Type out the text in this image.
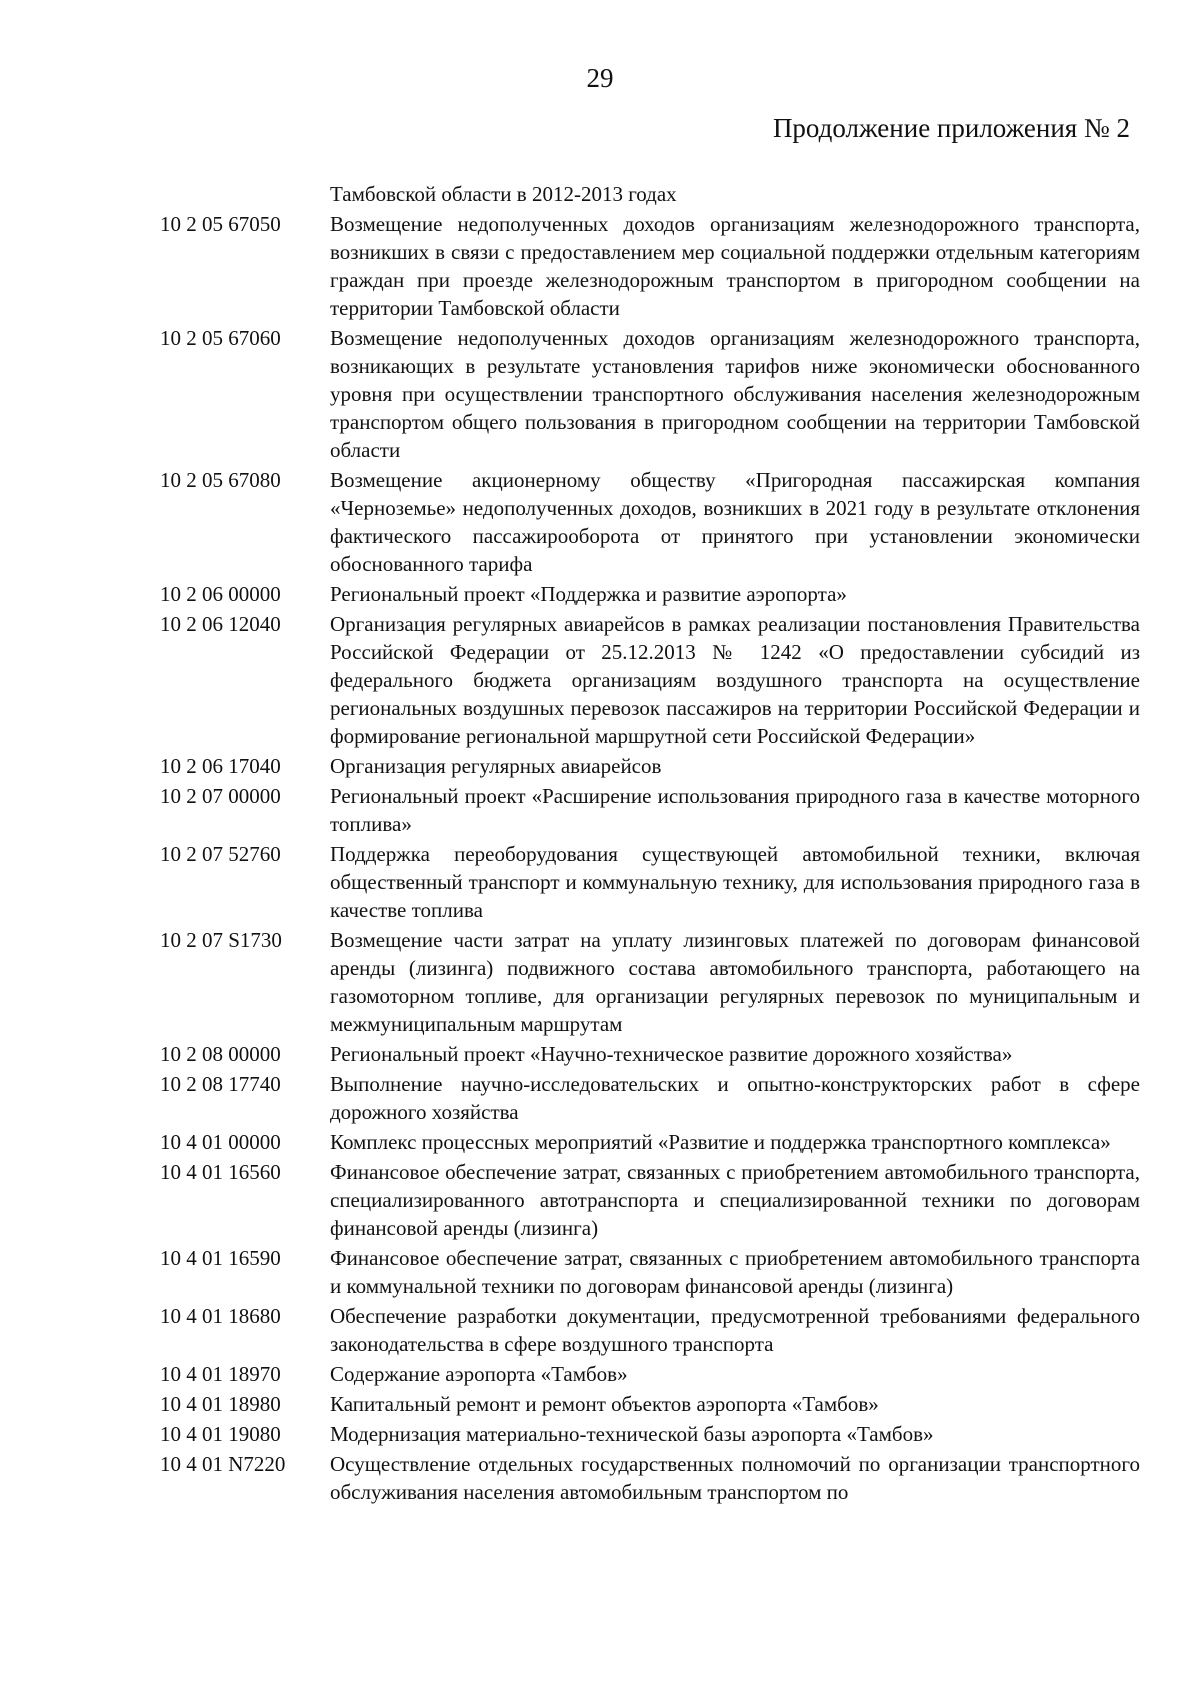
29
Продолжение приложения № 2
Тамбовской области в 2012-2013 годах
10 2 05 67050	Возмещение недополученных доходов организациям железнодорожного транспорта, возникших в связи с предоставлением мер социальной поддержки отдельным категориям граждан при проезде железнодорожным транспортом в пригородном сообщении на территории Тамбовской области
10 2 05 67060	Возмещение недополученных доходов организациям железнодорожного транспорта, возникающих в результате установления тарифов ниже экономически обоснованного уровня при осуществлении транспортного обслуживания населения железнодорожным транспортом общего пользования в пригородном сообщении на территории Тамбовской области
10 2 05 67080	Возмещение акционерному обществу «Пригородная пассажирская компания «Черноземье» недополученных доходов, возникших в 2021 году в результате отклонения фактического пассажирооборота от принятого при установлении экономически обоснованного тарифа
10 2 06 00000	Региональный проект «Поддержка и развитие аэропорта»
10 2 06 12040	Организация регулярных авиарейсов в рамках реализации постановления Правительства Российской Федерации от 25.12.2013 № 1242 «О предоставлении субсидий из федерального бюджета организациям воздушного транспорта на осуществление региональных воздушных перевозок пассажиров на территории Российской Федерации и формирование региональной маршрутной сети Российской Федерации»
10 2 06 17040	Организация регулярных авиарейсов
10 2 07 00000	Региональный проект «Расширение использования природного газа в качестве моторного топлива»
10 2 07 52760	Поддержка переоборудования существующей автомобильной техники, включая общественный транспорт и коммунальную технику, для использования природного газа в качестве топлива
10 2 07 S1730	Возмещение части затрат на уплату лизинговых платежей по договорам финансовой аренды (лизинга) подвижного состава автомобильного транспорта, работающего на газомоторном топливе, для организации регулярных перевозок по муниципальным и межмуниципальным маршрутам
10 2 08 00000	Региональный проект «Научно-техническое развитие дорожного хозяйства»
10 2 08 17740	Выполнение научно-исследовательских и опытно-конструкторских работ в сфере дорожного хозяйства
10 4 01 00000	Комплекс процессных мероприятий «Развитие и поддержка транспортного комплекса»
10 4 01 16560	Финансовое обеспечение затрат, связанных с приобретением автомобильного транспорта, специализированного автотранспорта и специализированной техники по договорам финансовой аренды (лизинга)
10 4 01 16590	Финансовое обеспечение затрат, связанных с приобретением автомобильного транспорта и коммунальной техники по договорам финансовой аренды (лизинга)
10 4 01 18680	Обеспечение разработки документации, предусмотренной требованиями федерального законодательства в сфере воздушного транспорта
10 4 01 18970	Содержание аэропорта «Тамбов»
10 4 01 18980	Капитальный ремонт и ремонт объектов аэропорта «Тамбов»
10 4 01 19080	Модернизация материально-технической базы аэропорта «Тамбов»
10 4 01 N7220	Осуществление отдельных государственных полномочий по организации транспортного обслуживания населения автомобильным транспортом по
